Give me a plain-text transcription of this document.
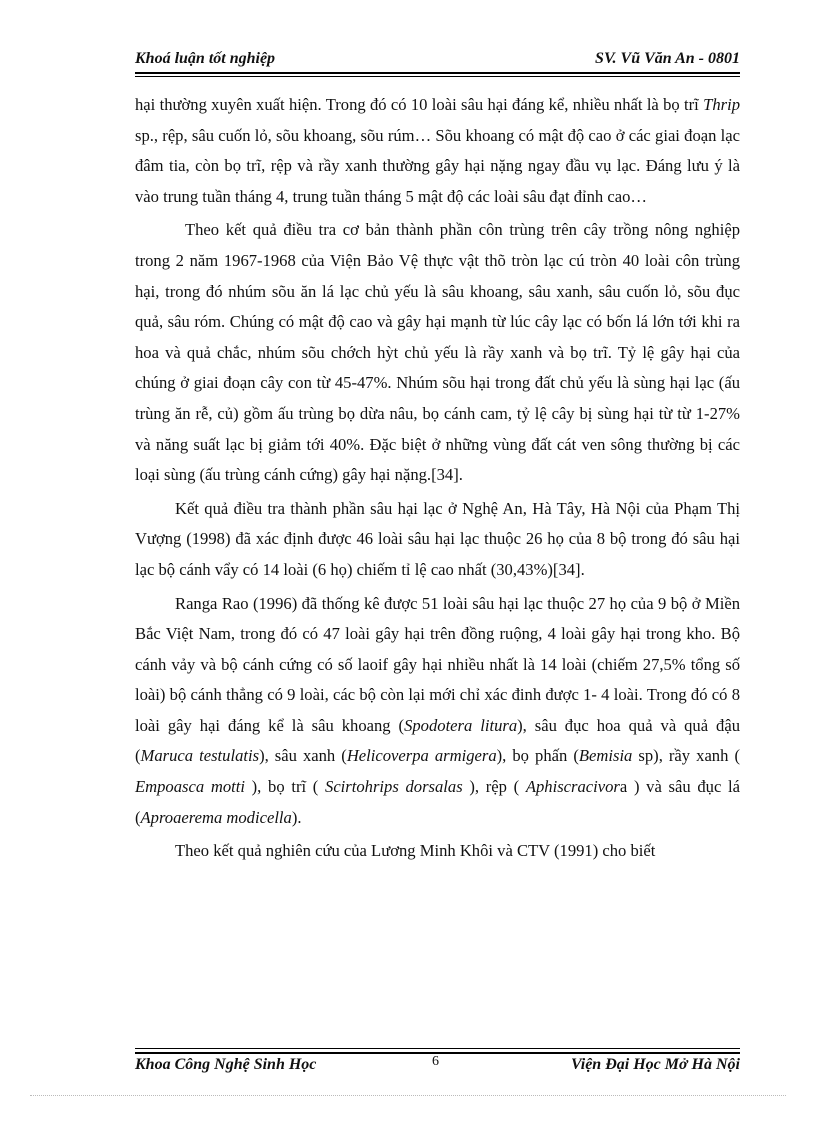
Khoá luận tốt nghiệp	SV. Vũ Văn An - 0801

hại thường xuyên xuất hiện. Trong đó có 10 loài sâu hại đáng kể, nhiều nhất là bọ trĩ Thrip sp., rệp, sâu cuốn lỏ, sõu khoang, sõu rúm… Sõu khoang có mật độ cao ở các giai đoạn lạc đâm tia, còn bọ trĩ, rệp và rầy xanh thường gây hại nặng ngay đầu vụ lạc. Đáng lưu ý là vào trung tuần tháng 4, trung tuần tháng 5 mật độ các loài sâu đạt đỉnh cao…

Theo kết quả điều tra cơ bản thành phần côn trùng trên cây trồng nông nghiệp trong 2 năm 1967-1968 của Viện Bảo Vệ thực vật thõ tròn lạc cú tròn 40 loài côn trùng hại, trong đó nhúm sõu ăn lá lạc chủ yếu là sâu khoang, sâu xanh, sâu cuốn lỏ, sõu đục quả, sâu róm. Chúng có mật độ cao và gây hại mạnh từ lúc cây lạc có bốn lá lớn tới khi ra hoa và quả chắc, nhúm sõu chớch hỳt chủ yếu là rầy xanh và bọ trĩ. Tỷ lệ gây hại của chúng ở giai đoạn cây con từ 45-47%. Nhúm sõu hại trong đất chủ yếu là sùng hại lạc (ấu trùng ăn rễ, củ) gồm ấu trùng bọ dừa nâu, bọ cánh cam, tỷ lệ cây bị sùng hại từ từ 1-27% và năng suất lạc bị giảm tới 40%. Đặc biệt ở những vùng đất cát ven sông thường bị các loại sùng (ấu trùng cánh cứng) gây hại nặng.[34].

Kết quả điều tra thành phần sâu hại lạc ở Nghệ An, Hà Tây, Hà Nội của Phạm Thị Vượng (1998) đã xác định được 46 loài sâu hại lạc thuộc 26 họ của 8 bộ trong đó sâu hại lạc bộ cánh vẩy có 14 loài (6 họ) chiếm tỉ lệ cao nhất (30,43%)[34].

Ranga Rao (1996) đã thống kê được 51 loài sâu hại lạc thuộc 27 họ của 9 bộ ở Miền Bắc Việt Nam, trong đó có 47 loài gây hại trên đồng ruộng, 4 loài gây hại trong kho. Bộ cánh vảy và bộ cánh cứng có số laoif gây hại nhiều nhất là 14 loài (chiếm 27,5% tổng số loài) bộ cánh thẳng có 9 loài, các bộ còn lại mới chỉ xác đinh được 1- 4 loài. Trong đó có 8 loài gây hại đáng kể là sâu khoang (Spodotera litura), sâu đục hoa quả và quả đậu (Maruca testulatis), sâu xanh (Helicoverpa armigera), bọ phấn (Bemisia sp), rầy xanh ( Empoasca motti ), bọ trĩ ( Scirtohrips dorsalas ), rệp ( Aphiscracivora ) và sâu đục lá (Aproaerema modicella).

Theo kết quả nghiên cứu của Lương Minh Khôi và CTV (1991) cho biết

Khoa Công Nghệ Sinh Học	6	Viện Đại Học Mở Hà Nội
